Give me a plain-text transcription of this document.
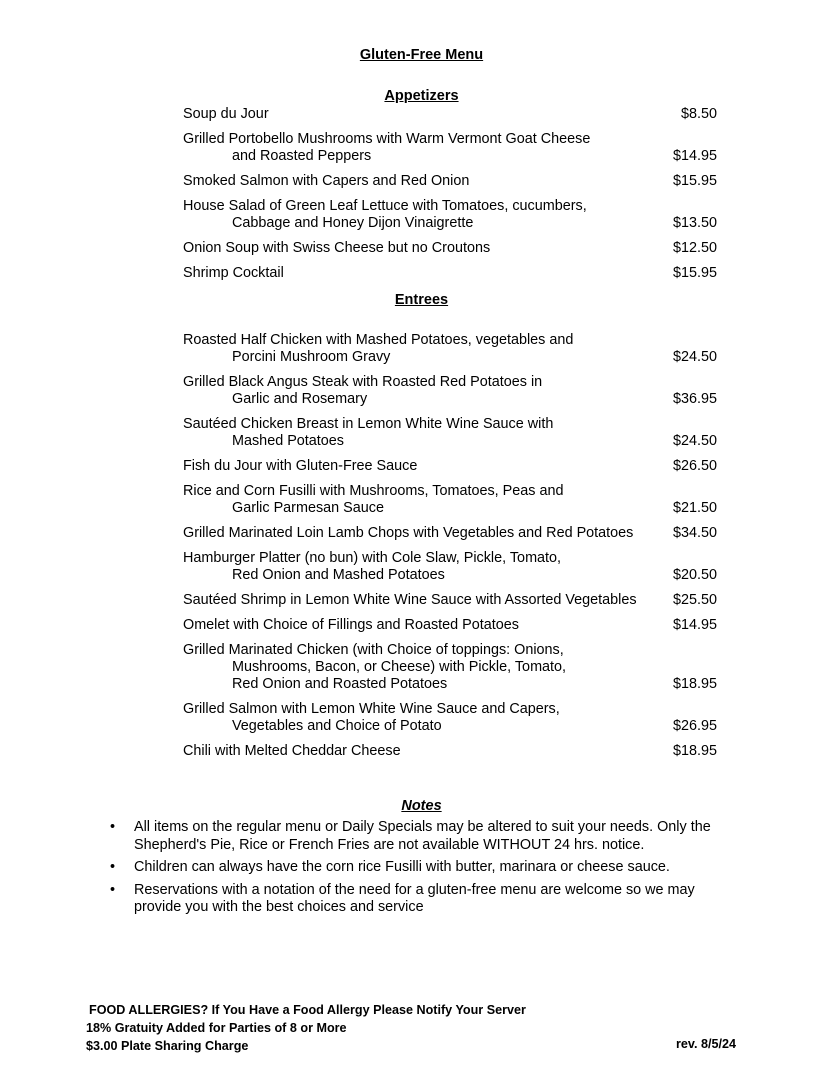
Gluten-Free Menu
Appetizers
Soup du Jour	$8.50
Grilled Portobello Mushrooms with Warm Vermont Goat Cheese
and Roasted Peppers	$14.95
Smoked Salmon with Capers and Red Onion	$15.95
House Salad of Green Leaf Lettuce with Tomatoes, cucumbers,
Cabbage and Honey Dijon Vinaigrette	$13.50
Onion Soup with Swiss Cheese but no Croutons	$12.50
Shrimp Cocktail	$15.95
Entrees
Roasted Half Chicken with Mashed Potatoes, vegetables and
Porcini Mushroom Gravy	$24.50
Grilled Black Angus Steak with Roasted Red Potatoes in
Garlic and Rosemary	$36.95
Sautéed Chicken Breast in Lemon White Wine Sauce with
Mashed Potatoes	$24.50
Fish du Jour with Gluten-Free Sauce	$26.50
Rice and Corn Fusilli with Mushrooms, Tomatoes, Peas and
Garlic Parmesan Sauce	$21.50
Grilled Marinated Loin Lamb Chops with Vegetables and Red Potatoes	$34.50
Hamburger Platter (no bun) with Cole Slaw, Pickle, Tomato,
Red Onion and Mashed Potatoes	$20.50
Sautéed Shrimp in Lemon White Wine Sauce with Assorted Vegetables	$25.50
Omelet with Choice of Fillings and Roasted Potatoes	$14.95
Grilled Marinated Chicken (with Choice of toppings: Onions,
Mushrooms, Bacon, or Cheese) with Pickle, Tomato,
Red Onion and Roasted Potatoes	$18.95
Grilled Salmon with Lemon White Wine Sauce and Capers,
Vegetables and Choice of Potato	$26.95
Chili with Melted Cheddar Cheese	$18.95
Notes
• All items on the regular menu or Daily Specials may be altered to suit your needs. Only the Shepherd's Pie, Rice or French Fries are not available WITHOUT 24 hrs. notice.
• Children can always have the corn rice Fusilli with butter, marinara or cheese sauce.
• Reservations with a notation of the need for a gluten-free menu are welcome so we may provide you with the best choices and service
FOOD ALLERGIES? If You Have a Food Allergy Please Notify Your Server
18% Gratuity Added for Parties of 8 or More
$3.00 Plate Sharing Charge	rev. 8/5/24
